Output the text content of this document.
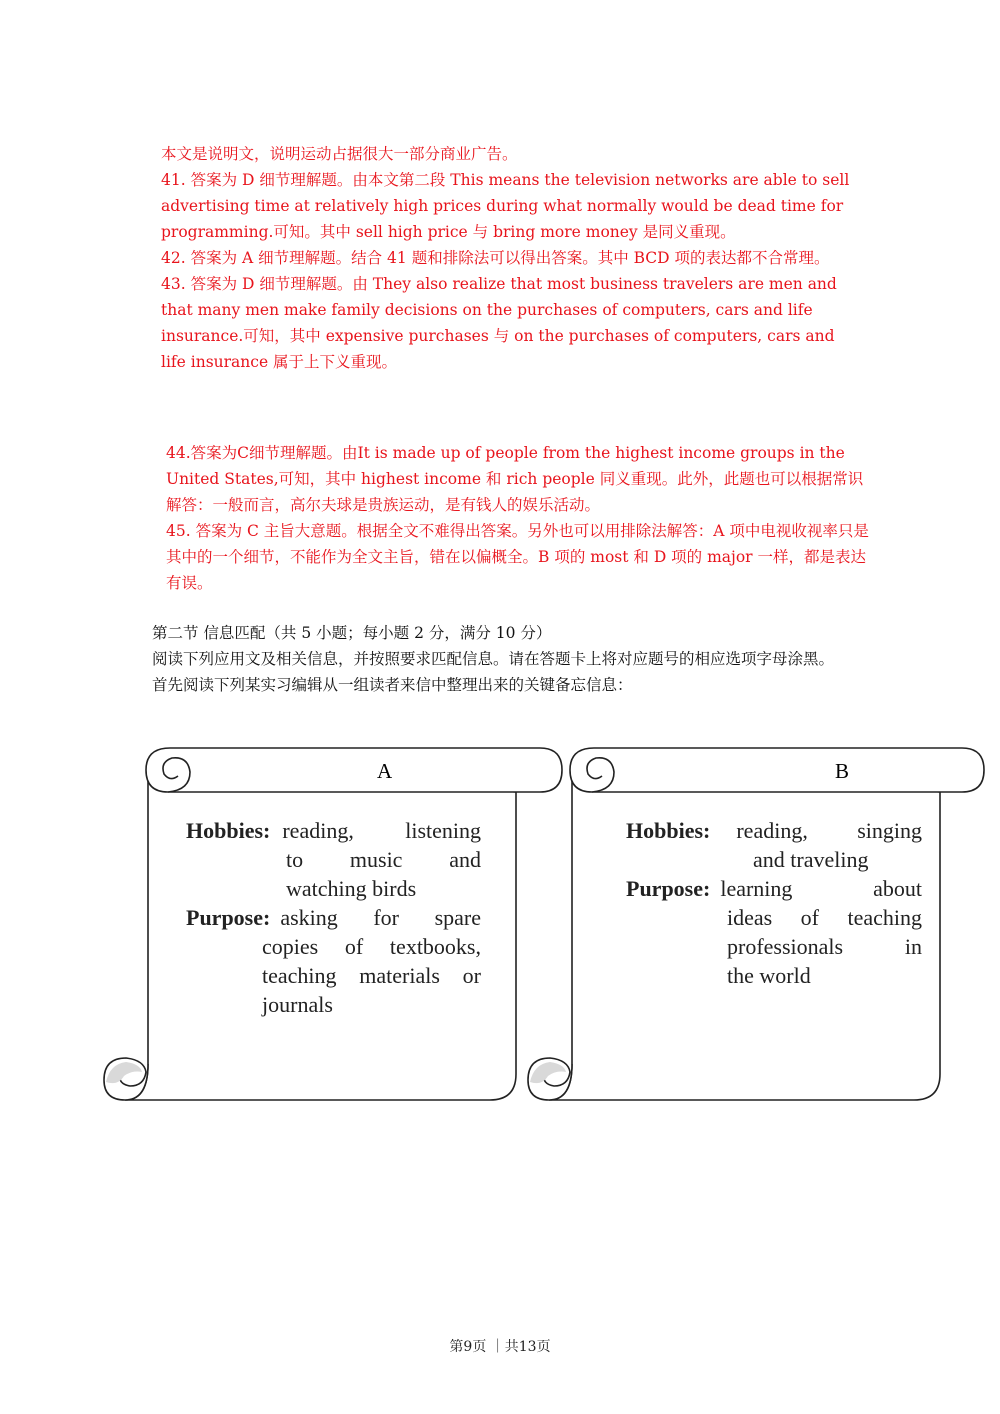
本文是说明文，说明运动占据很大一部分商业广告。

41. 答案为 D 细节理解题。由本文第二段 This means the television networks are able to sell advertising time at relatively high prices during what normally would be dead time for programming.可知。其中 sell high price 与 bring more money 是同义重现。

42. 答案为 A 细节理解题。结合 41 题和排除法可以得出答案。其中 BCD 项的表达都不合常理。

43. 答案为 D 细节理解题。由 They also realize that most business travelers are men and that many men make family decisions on the purchases of computers, cars and life insurance.可知，其中 expensive purchases 与 on the purchases of computers, cars and life insurance 属于上下义重现。

44.答案为C细节理解题。由It is made up of people from the highest income groups in the United States,可知，其中 highest income 和 rich people 同义重现。此外，此题也可以根据常识解答：一般而言，高尔夫球是贵族运动，是有钱人的娱乐活动。

45. 答案为 C 主旨大意题。根据全文不难得出答案。另外也可以用排除法解答：A 项中电视收视率只是其中的一个细节，不能作为全文主旨，错在以偏概全。B 项的 most 和 D 项的 major 一样，都是表达有误。

第二节 信息匹配（共 5 小题；每小题 2 分，满分 10 分）

阅读下列应用文及相关信息，并按照要求匹配信息。请在答题卡上将对应题号的相应选项字母涂黑。

首先阅读下列某实习编辑从一组读者来信中整理出来的关键备忘信息：

A
Hobbies: reading, listening
to music and
watching birds
Purpose: asking for spare
copies of textbooks,
teaching materials or
journals
B
Hobbies:	reading, singing
and traveling
Purpose: learning about
ideas of teaching
professionals in
the world
第9页 ｜共13页
